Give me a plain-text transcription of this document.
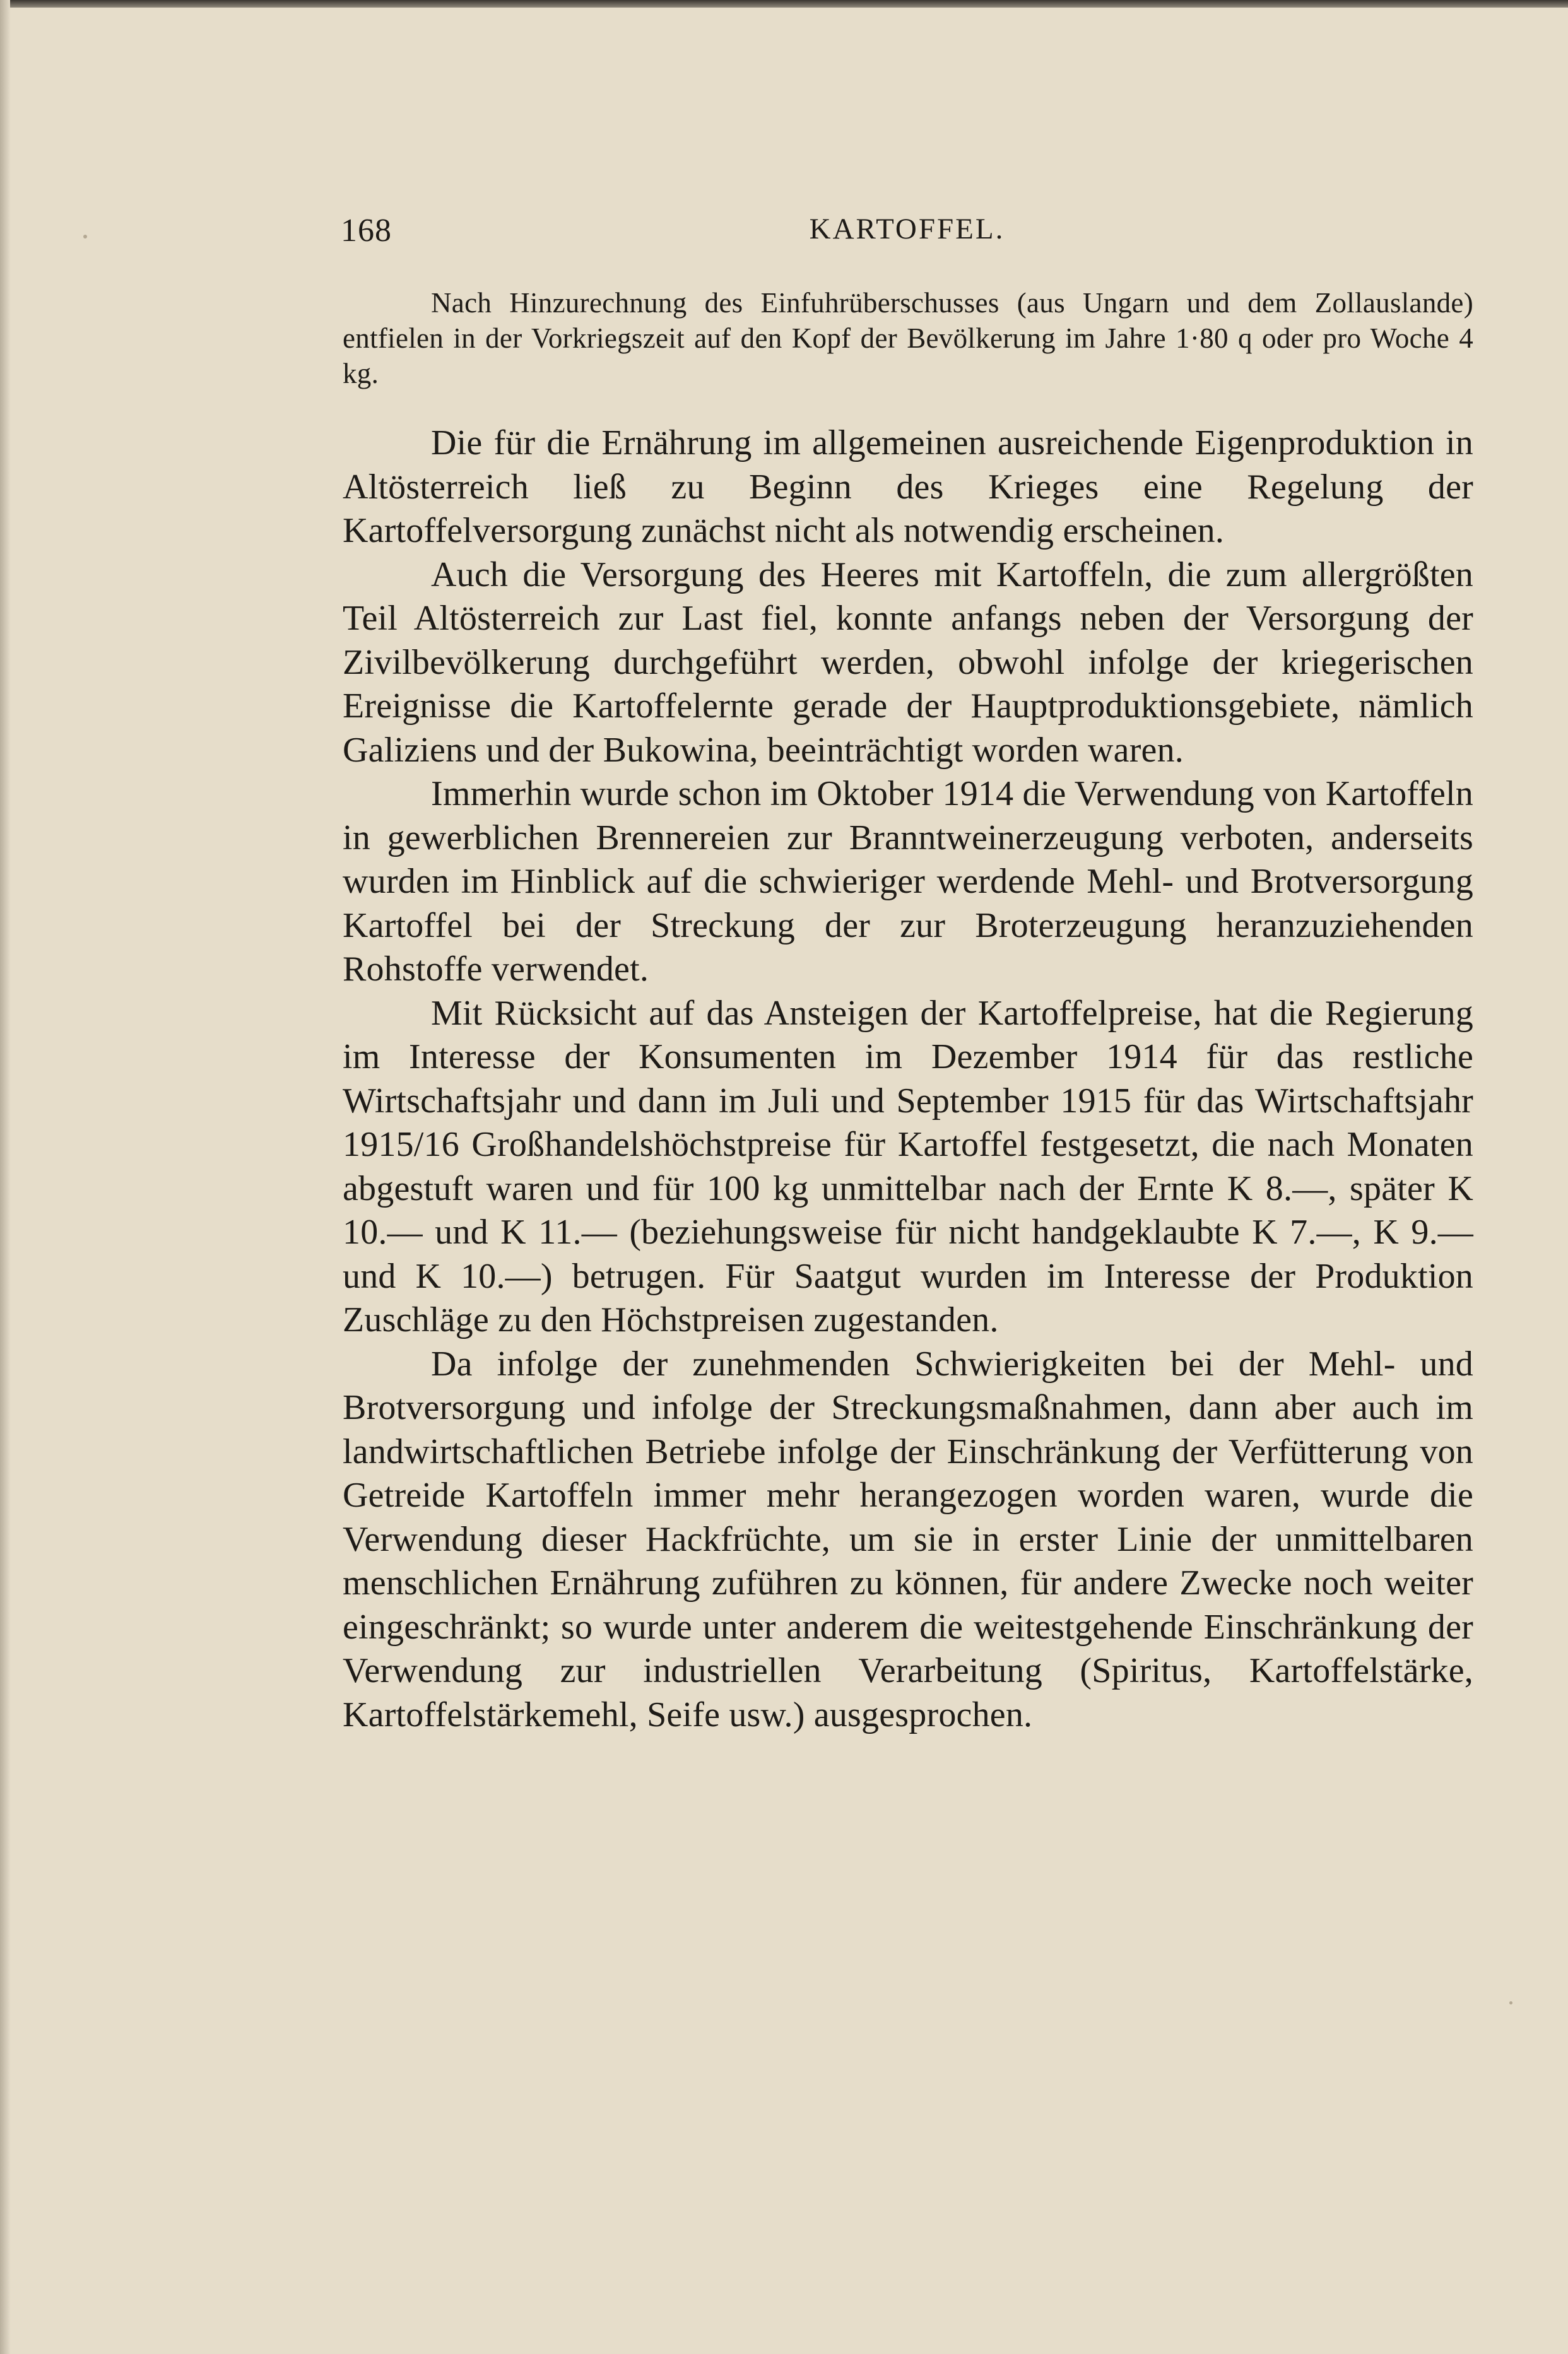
168	KARTOFFEL.

Nach Hinzurechnung des Einfuhrüberschusses (aus Ungarn und dem Zollauslande) entfielen in der Vorkriegszeit auf den Kopf der Bevölkerung im Jahre 1·80 q oder pro Woche 4 kg.

Die für die Ernährung im allgemeinen ausreichende Eigenproduktion in Altösterreich ließ zu Beginn des Krieges eine Regelung der Kartoffelversorgung zunächst nicht als notwendig erscheinen.

Auch die Versorgung des Heeres mit Kartoffeln, die zum allergrößten Teil Altösterreich zur Last fiel, konnte anfangs neben der Versorgung der Zivilbevölkerung durchgeführt werden, obwohl infolge der kriegerischen Ereignisse die Kartoffelernte gerade der Hauptproduktionsgebiete, nämlich Galiziens und der Bukowina, beeinträchtigt worden waren.

Immerhin wurde schon im Oktober 1914 die Verwendung von Kartoffeln in gewerblichen Brennereien zur Branntweinerzeugung verboten, anderseits wurden im Hinblick auf die schwieriger werdende Mehl- und Brotversorgung Kartoffel bei der Streckung der zur Broterzeugung heranzuziehenden Rohstoffe verwendet.

Mit Rücksicht auf das Ansteigen der Kartoffelpreise, hat die Regierung im Interesse der Konsumenten im Dezember 1914 für das restliche Wirtschaftsjahr und dann im Juli und September 1915 für das Wirtschaftsjahr 1915/16 Großhandelshöchstpreise für Kartoffel festgesetzt, die nach Monaten abgestuft waren und für 100 kg unmittelbar nach der Ernte K 8.—, später K 10.— und K 11.— (beziehungsweise für nicht handgeklaubte K 7.—, K 9.— und K 10.—) betrugen. Für Saatgut wurden im Interesse der Produktion Zuschläge zu den Höchstpreisen zugestanden.

Da infolge der zunehmenden Schwierigkeiten bei der Mehl- und Brotversorgung und infolge der Streckungsmaßnahmen, dann aber auch im landwirtschaftlichen Betriebe infolge der Einschränkung der Verfütterung von Getreide Kartoffeln immer mehr herangezogen worden waren, wurde die Verwendung dieser Hackfrüchte, um sie in erster Linie der unmittelbaren menschlichen Ernährung zuführen zu können, für andere Zwecke noch weiter eingeschränkt; so wurde unter anderem die weitestgehende Einschränkung der Verwendung zur industriellen Verarbeitung (Spiritus, Kartoffelstärke, Kartoffelstärkemehl, Seife usw.) ausgesprochen.
